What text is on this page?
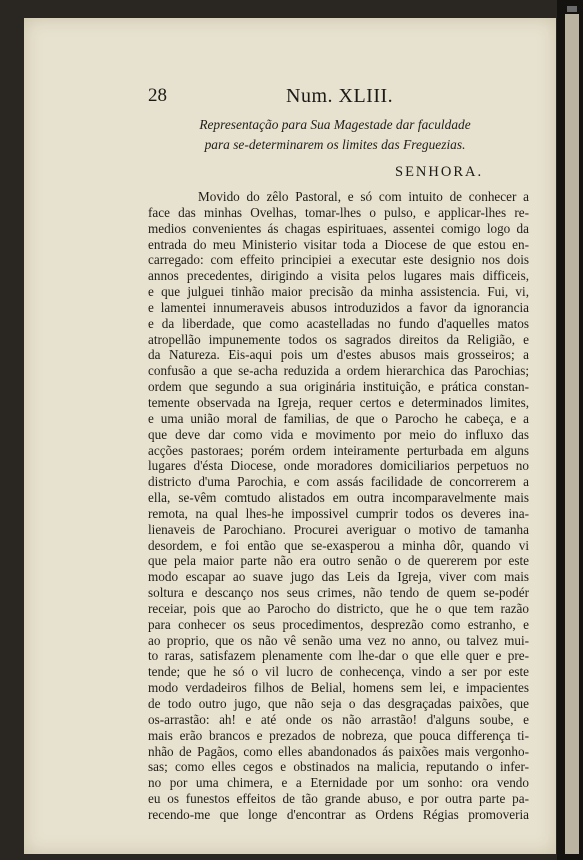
28	Num. XLIII.
Representação para Sua Magestade dar faculdade
para se-determinarem os limites das Freguezias.
SENHORA.
Movido do zêlo Pastoral, e só com intuito de conhecer a
face das minhas Ovelhas, tomar-lhes o pulso, e applicar-lhes re-
medios convenientes ás chagas espirituaes, assentei comigo logo da
entrada do meu Ministerio visitar toda a Diocese de que estou en-
carregado: com effeito principiei a executar este designio nos dois
annos precedentes, dirigindo a visita pelos lugares mais difficeis,
e que julguei tinhão maior precisão da minha assistencia. Fui, vi,
e lamentei innumeraveis abusos introduzidos a favor da ignorancia
e da liberdade, que como acastelladas no fundo d'aquelles matos
atropellão impunemente todos os sagrados direitos da Religião, e
da Natureza. Eis-aqui pois um d'estes abusos mais grosseiros; a
confusão a que se-acha reduzida a ordem hierarchica das Parochias;
ordem que segundo a sua originária instituição, e prática constan-
temente observada na Igreja, requer certos e determinados limites,
e uma união moral de familias, de que o Parocho he cabeça, e a
que deve dar como vida e movimento por meio do influxo das
acções pastoraes; porém ordem inteiramente perturbada em alguns
lugares d'ésta Diocese, onde moradores domiciliarios perpetuos no
districto d'uma Parochia, e com assás facilidade de concorrerem a
ella, se-vêm comtudo alistados em outra incomparavelmente mais
remota, na qual lhes-he impossivel cumprir todos os deveres ina-
lienaveis de Parochiano. Procurei averiguar o motivo de tamanha
desordem, e foi então que se-exasperou a minha dôr, quando vi
que pela maior parte não era outro senão o de quererem por este
modo escapar ao suave jugo das Leis da Igreja, viver com mais
soltura e descanço nos seus crimes, não tendo de quem se-podér
receiar, pois que ao Parocho do districto, que he o que tem razão
para conhecer os seus procedimentos, desprezão como estranho, e
ao proprio, que os não vê senão uma vez no anno, ou talvez mui-
to raras, satisfazem plenamente com lhe-dar o que elle quer e pre-
tende; que he só o vil lucro de conhecença, vindo a ser por este
modo verdadeiros filhos de Belial, homens sem lei, e impacientes
de todo outro jugo, que não seja o das desgraçadas paixões, que
os-arrastão: ah! e até onde os não arrastão! d'alguns soube, e
mais erão brancos e prezados de nobreza, que pouca differença ti-
nhão de Pagãos, como elles abandonados ás paixões mais vergonho-
sas; como elles cegos e obstinados na malicia, reputando o infer-
no por uma chimera, e a Eternidade por um sonho: ora vendo
eu os funestos effeitos de tão grande abuso, e por outra parte pa-
recendo-me que longe d'encontrar as Ordens Régias promoveria
